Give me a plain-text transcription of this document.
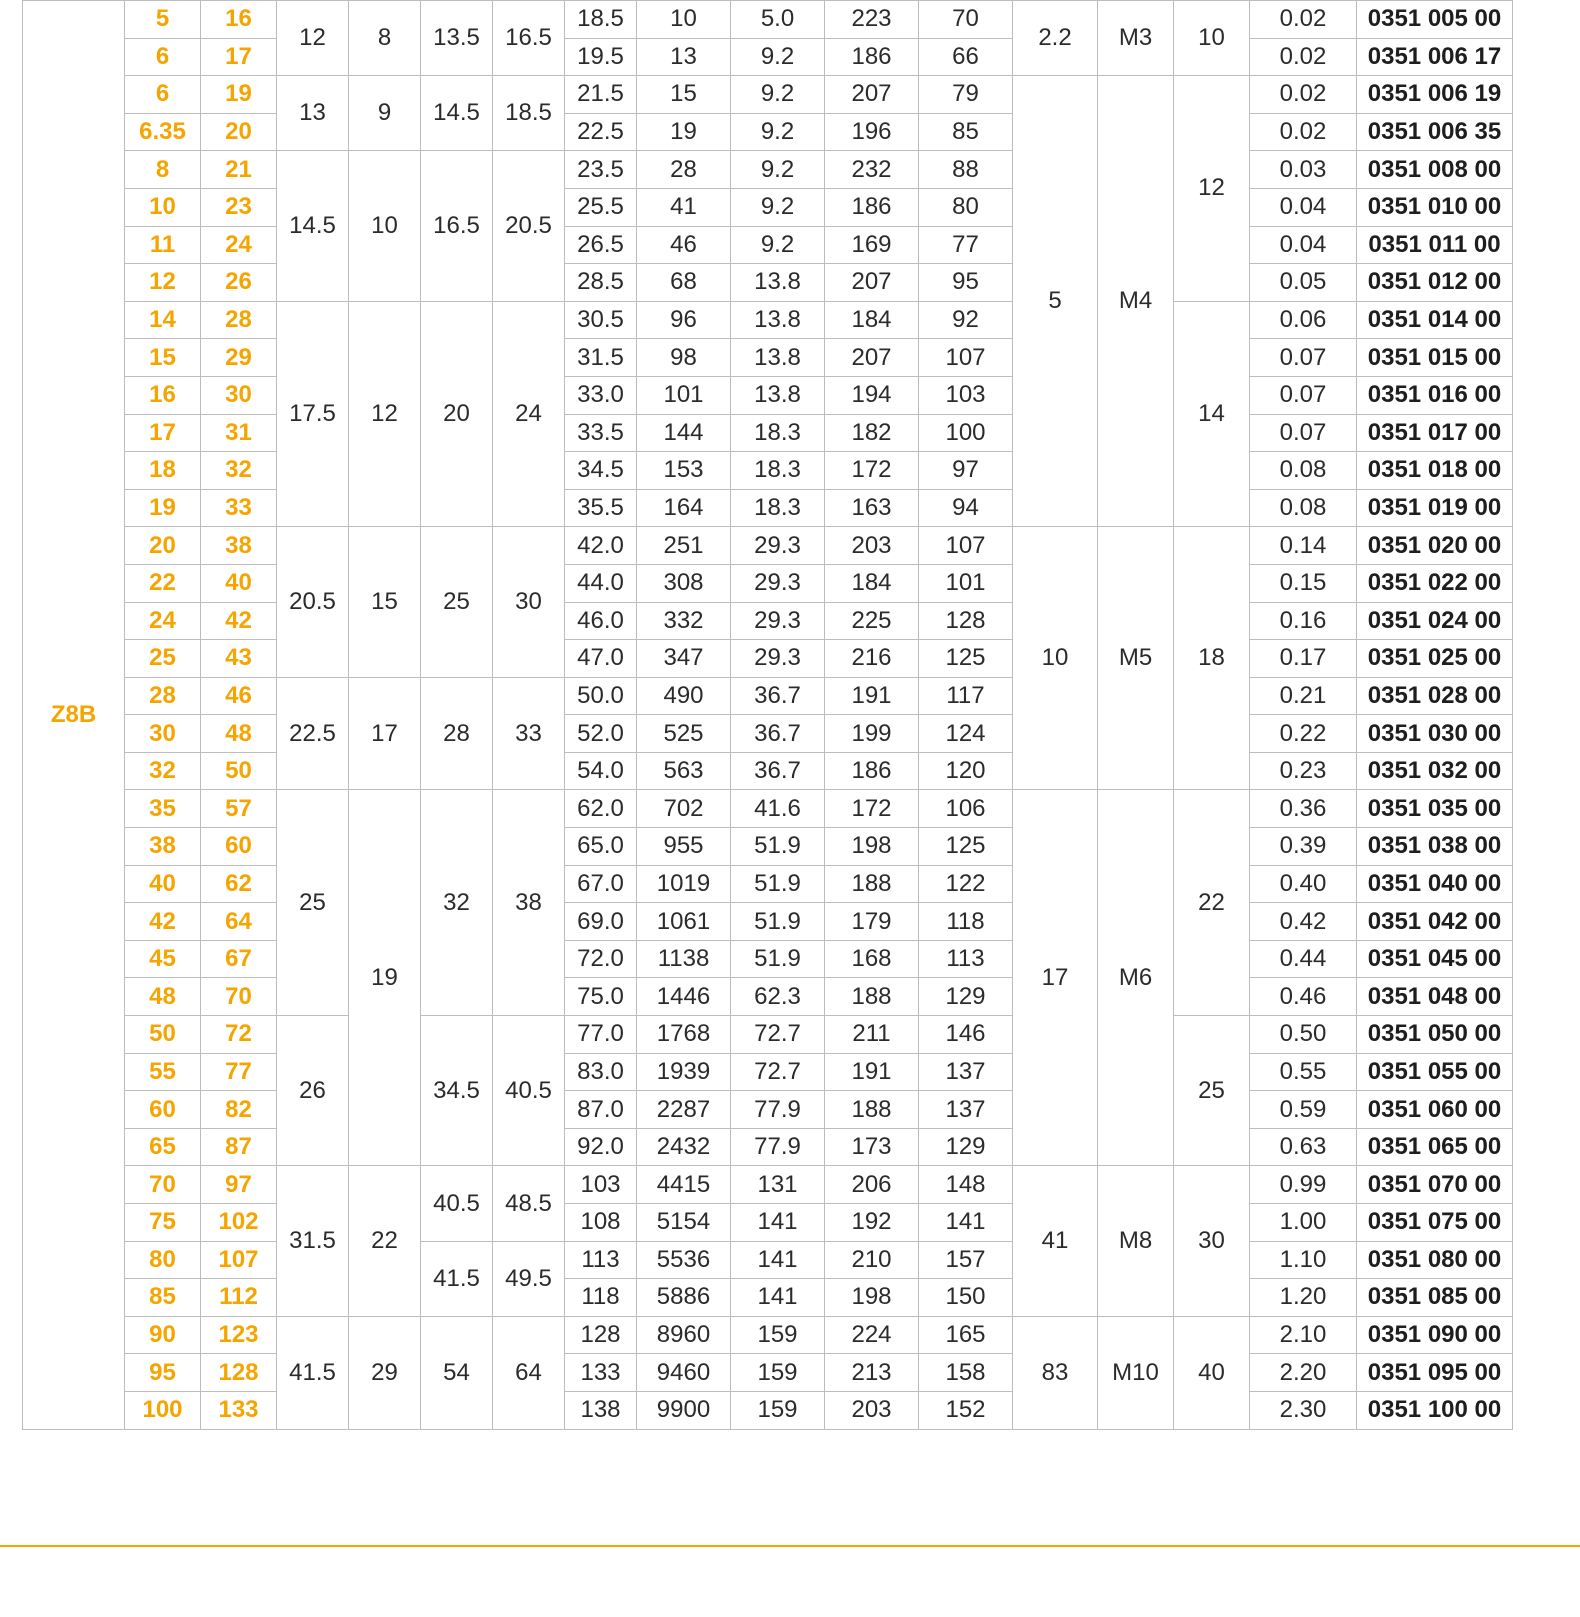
Z8B	5	16	12	8	13.5	16.5	18.5	10	5.0	223	70	2.2	M3	10	0.02	0351 005 00
	6	17					19.5	13	9.2	186	66				0.02	0351 006 17
	6	19	13	9	14.5	18.5	21.5	15	9.2	207	79	5	M4	12	0.02	0351 006 19
	6.35	20					22.5	19	9.2	196	85				0.02	0351 006 35
	8	21	14.5	10	16.5	20.5	23.5	28	9.2	232	88				0.03	0351 008 00
	10	23					25.5	41	9.2	186	80				0.04	0351 010 00
	11	24					26.5	46	9.2	169	77				0.04	0351 011 00
	12	26					28.5	68	13.8	207	95				0.05	0351 012 00
	14	28	17.5	12	20	24	30.5	96	13.8	184	92			14	0.06	0351 014 00
	15	29					31.5	98	13.8	207	107				0.07	0351 015 00
	16	30					33.0	101	13.8	194	103				0.07	0351 016 00
	17	31					33.5	144	18.3	182	100				0.07	0351 017 00
	18	32					34.5	153	18.3	172	97				0.08	0351 018 00
	19	33					35.5	164	18.3	163	94				0.08	0351 019 00
	20	38	20.5	15	25	30	42.0	251	29.3	203	107	10	M5	18	0.14	0351 020 00
	22	40					44.0	308	29.3	184	101				0.15	0351 022 00
	24	42					46.0	332	29.3	225	128				0.16	0351 024 00
	25	43					47.0	347	29.3	216	125				0.17	0351 025 00
	28	46	22.5	17	28	33	50.0	490	36.7	191	117				0.21	0351 028 00
	30	48					52.0	525	36.7	199	124				0.22	0351 030 00
	32	50					54.0	563	36.7	186	120				0.23	0351 032 00
	35	57	25	19	32	38	62.0	702	41.6	172	106	17	M6	22	0.36	0351 035 00
	38	60					65.0	955	51.9	198	125				0.39	0351 038 00
	40	62					67.0	1019	51.9	188	122				0.40	0351 040 00
	42	64					69.0	1061	51.9	179	118				0.42	0351 042 00
	45	67					72.0	1138	51.9	168	113				0.44	0351 045 00
	48	70					75.0	1446	62.3	188	129				0.46	0351 048 00
	50	72	26		34.5	40.5	77.0	1768	72.7	211	146			25	0.50	0351 050 00
	55	77					83.0	1939	72.7	191	137				0.55	0351 055 00
	60	82					87.0	2287	77.9	188	137				0.59	0351 060 00
	65	87					92.0	2432	77.9	173	129				0.63	0351 065 00
	70	97	31.5	22	40.5	48.5	103	4415	131	206	148	41	M8	30	0.99	0351 070 00
	75	102					108	5154	141	192	141				1.00	0351 075 00
	80	107			41.5	49.5	113	5536	141	210	157				1.10	0351 080 00
	85	112					118	5886	141	198	150				1.20	0351 085 00
	90	123	41.5	29	54	64	128	8960	159	224	165	83	M10	40	2.10	0351 090 00
	95	128					133	9460	159	213	158				2.20	0351 095 00
	100	133					138	9900	159	203	152				2.30	0351 100 00
